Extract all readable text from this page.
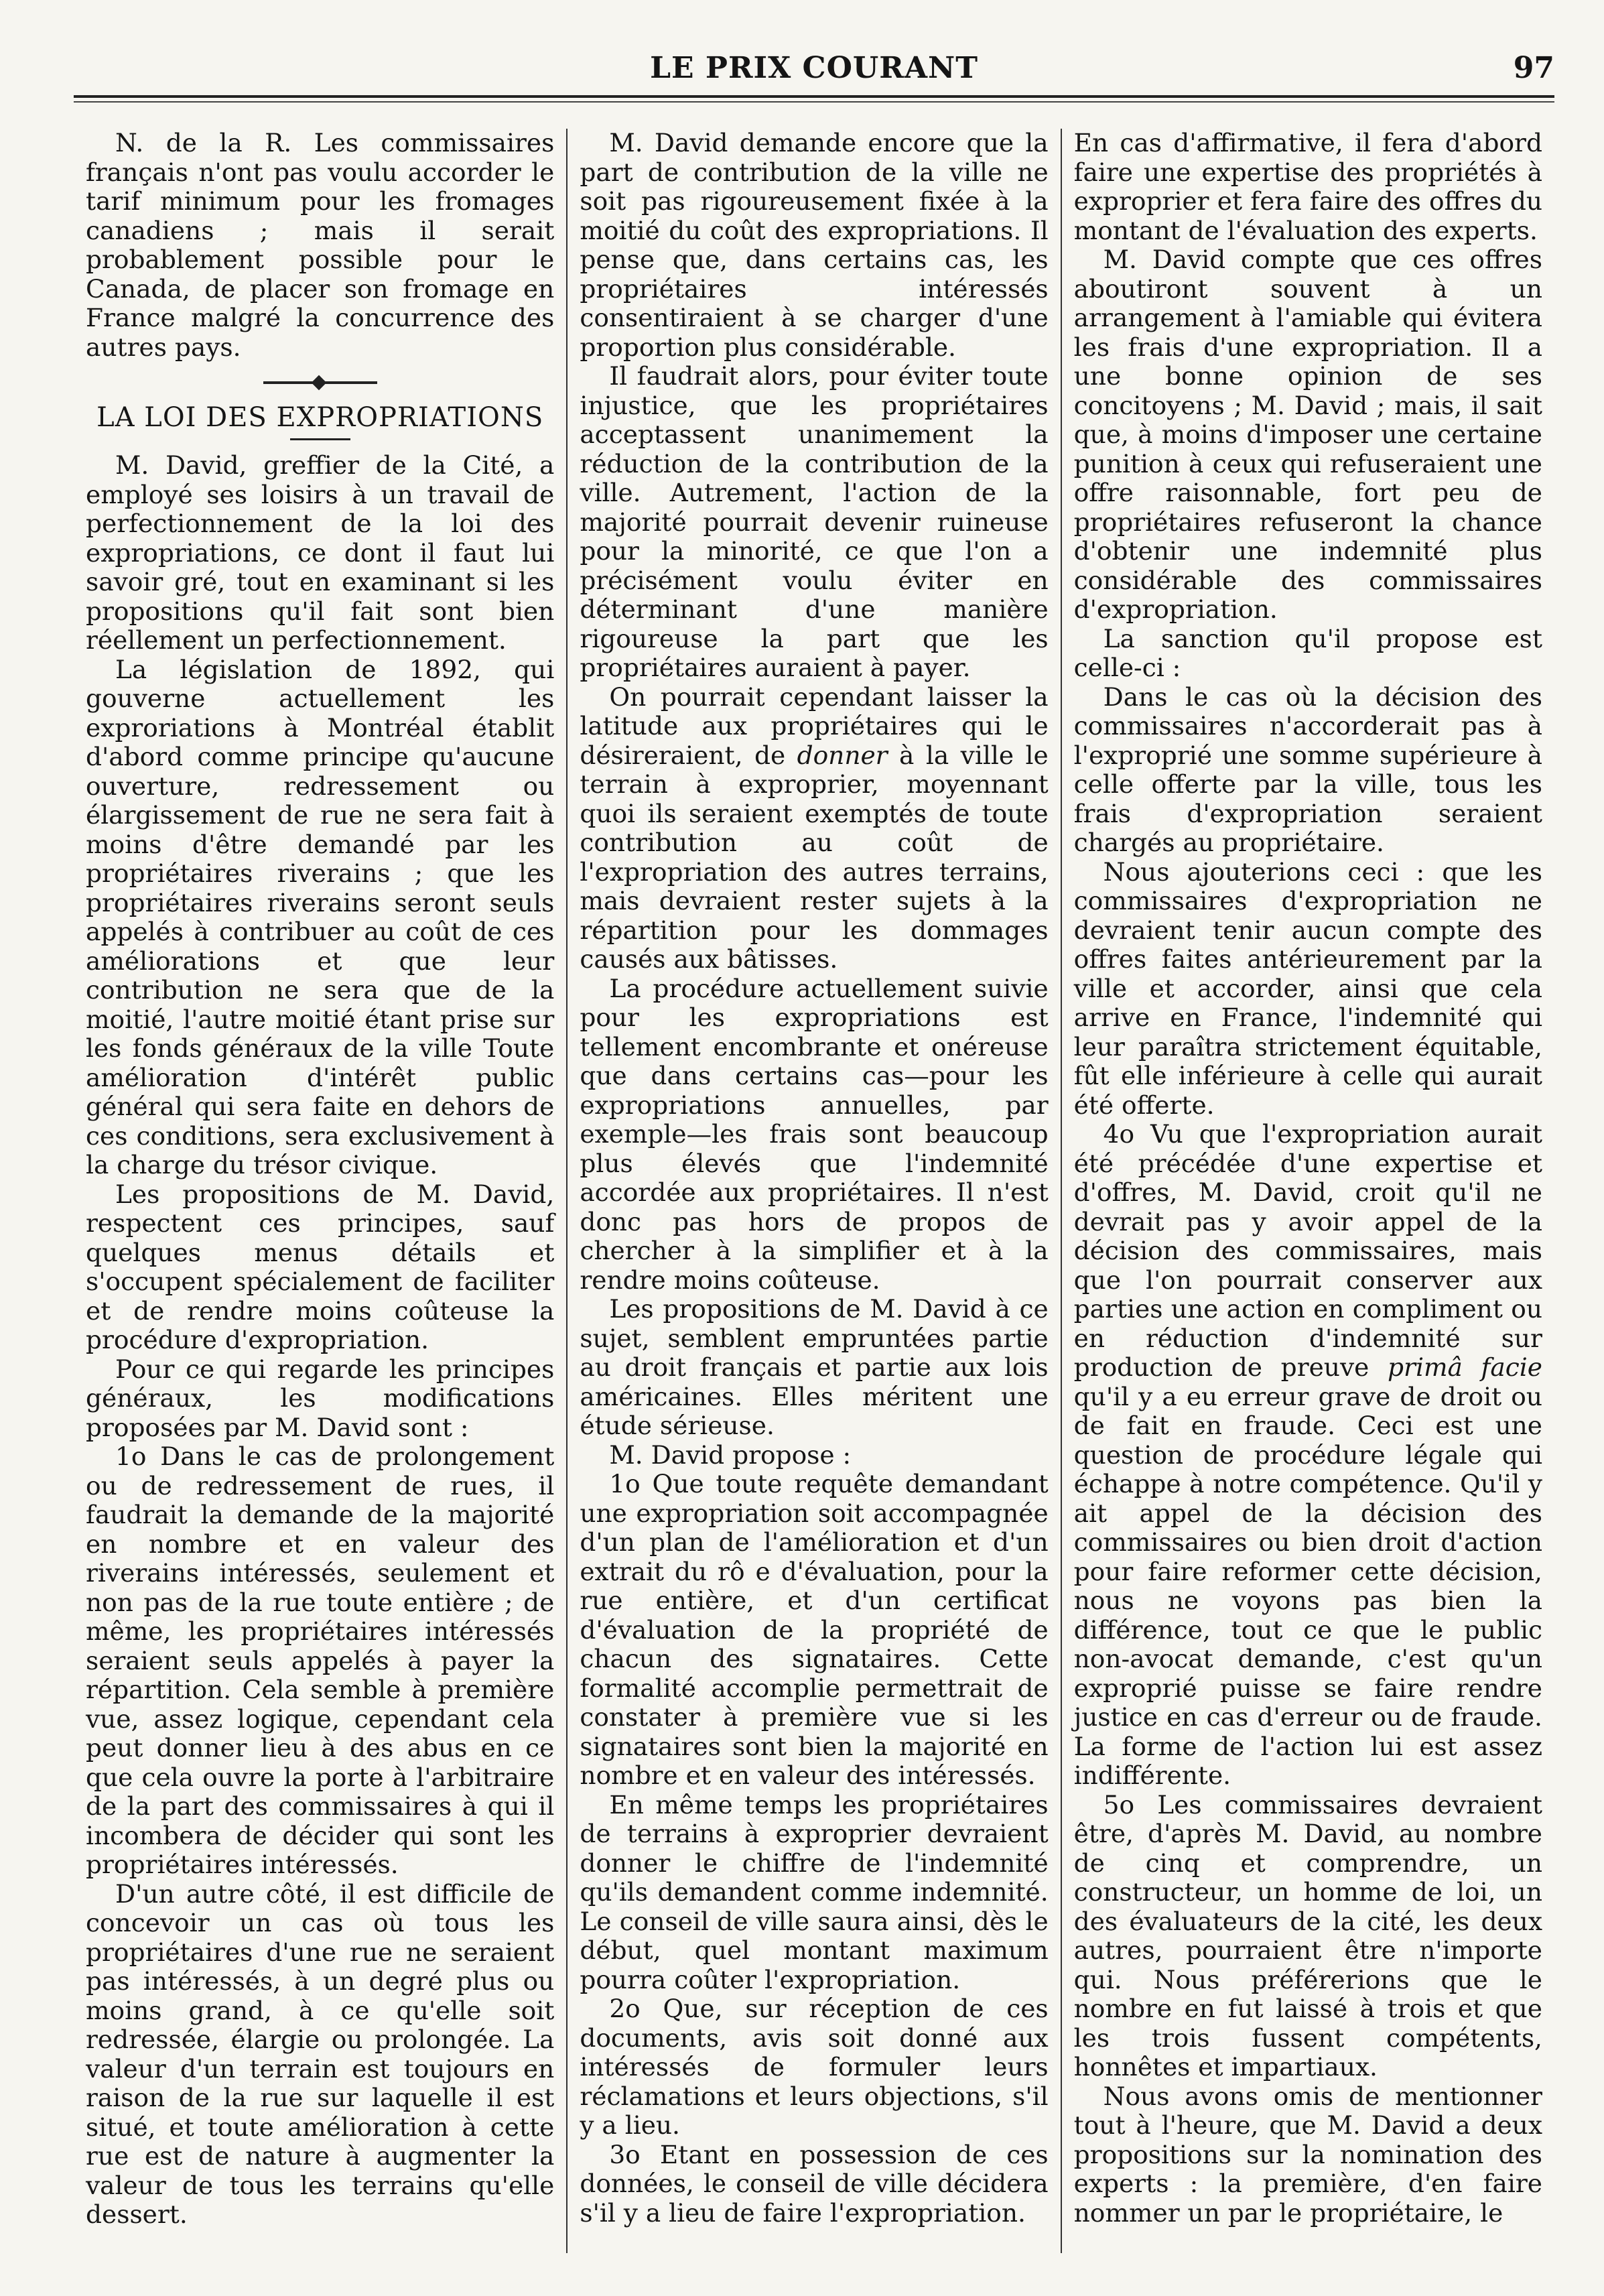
LE PRIX COURANT	97

N. de la R. Les commissaires français n'ont pas voulu accorder le tarif minimum pour les fromages canadiens ; mais il serait probablement possible pour le Canada, de placer son fromage en France malgré la concurrence des autres pays.

LA LOI DES EXPROPRIATIONS

M. David, greffier de la Cité, a employé ses loisirs à un travail de perfectionnement de la loi des expropriations, ce dont il faut lui savoir gré, tout en examinant si les propositions qu'il fait sont bien réellement un perfectionnement.

La législation de 1892, qui gouverne actuellement les exproriations à Montréal établit d'abord comme principe qu'aucune ouverture, redressement ou élargissement de rue ne sera fait à moins d'être demandé par les propriétaires riverains ; que les propriétaires riverains seront seuls appelés à contribuer au coût de ces améliorations et que leur contribution ne sera que de la moitié, l'autre moitié étant prise sur les fonds généraux de la ville Toute amélioration d'intérêt public général qui sera faite en dehors de ces conditions, sera exclusivement à la charge du trésor civique.

Les propositions de M. David, respectent ces principes, sauf quelques menus détails et s'occupent spécialement de faciliter et de rendre moins coûteuse la procédure d'expropriation.

Pour ce qui regarde les principes généraux, les modifications proposées par M. David sont :

1o Dans le cas de prolongement ou de redressement de rues, il faudrait la demande de la majorité en nombre et en valeur des riverains intéressés, seulement et non pas de la rue toute entière ; de même, les propriétaires intéressés seraient seuls appelés à payer la répartition. Cela semble à première vue, assez logique, cependant cela peut donner lieu à des abus en ce que cela ouvre la porte à l'arbitraire de la part des commissaires à qui il incombera de décider qui sont les propriétaires intéressés.

D'un autre côté, il est difficile de concevoir un cas où tous les propriétaires d'une rue ne seraient pas intéressés, à un degré plus ou moins grand, à ce qu'elle soit redressée, élargie ou prolongée. La valeur d'un terrain est toujours en raison de la rue sur laquelle il est situé, et toute amélioration à cette rue est de nature à augmenter la valeur de tous les terrains qu'elle dessert.

M. David demande encore que la part de contribution de la ville ne soit pas rigoureusement fixée à la moitié du coût des expropriations. Il pense que, dans certains cas, les propriétaires intéressés consentiraient à se charger d'une proportion plus considérable.

Il faudrait alors, pour éviter toute injustice, que les propriétaires acceptassent unanimement la réduction de la contribution de la ville. Autrement, l'action de la majorité pourrait devenir ruineuse pour la minorité, ce que l'on a précisément voulu éviter en déterminant d'une manière rigoureuse la part que les propriétaires auraient à payer.

On pourrait cependant laisser la latitude aux propriétaires qui le désireraient, de donner à la ville le terrain à exproprier, moyennant quoi ils seraient exemptés de toute contribution au coût de l'expropriation des autres terrains, mais devraient rester sujets à la répartition pour les dommages causés aux bâtisses.

La procédure actuellement suivie pour les expropriations est tellement encombrante et onéreuse que dans certains cas—pour les expropriations annuelles, par exemple—les frais sont beaucoup plus élevés que l'indemnité accordée aux propriétaires. Il n'est donc pas hors de propos de chercher à la simplifier et à la rendre moins coûteuse.

Les propositions de M. David à ce sujet, semblent empruntées partie au droit français et partie aux lois américaines. Elles méritent une étude sérieuse.

M. David propose :

1o Que toute requête demandant une expropriation soit accompagnée d'un plan de l'amélioration et d'un extrait du rô e d'évaluation, pour la rue entière, et d'un certificat d'évaluation de la propriété de chacun des signataires. Cette formalité accomplie permettrait de constater à première vue si les signataires sont bien la majorité en nombre et en valeur des intéressés.

En même temps les propriétaires de terrains à exproprier devraient donner le chiffre de l'indemnité qu'ils demandent comme indemnité. Le conseil de ville saura ainsi, dès le début, quel montant maximum pourra coûter l'expropriation.

2o Que, sur réception de ces documents, avis soit donné aux intéressés de formuler leurs réclamations et leurs objections, s'il y a lieu.

3o Etant en possession de ces données, le conseil de ville décidera s'il y a lieu de faire l'expropriation.

En cas d'affirmative, il fera d'abord faire une expertise des propriétés à exproprier et fera faire des offres du montant de l'évaluation des experts.

M. David compte que ces offres aboutiront souvent à un arrangement à l'amiable qui évitera les frais d'une expropriation. Il a une bonne opinion de ses concitoyens ; M. David ; mais, il sait que, à moins d'imposer une certaine punition à ceux qui refuseraient une offre raisonnable, fort peu de propriétaires refuseront la chance d'obtenir une indemnité plus considérable des commissaires d'expropriation.

La sanction qu'il propose est celle-ci :

Dans le cas où la décision des commissaires n'accorderait pas à l'exproprié une somme supérieure à celle offerte par la ville, tous les frais d'expropriation seraient chargés au propriétaire.

Nous ajouterions ceci : que les commissaires d'expropriation ne devraient tenir aucun compte des offres faites antérieurement par la ville et accorder, ainsi que cela arrive en France, l'indemnité qui leur paraîtra strictement équitable, fût elle inférieure à celle qui aurait été offerte.

4o Vu que l'expropriation aurait été précédée d'une expertise et d'offres, M. David, croit qu'il ne devrait pas y avoir appel de la décision des commissaires, mais que l'on pourrait conserver aux parties une action en compliment ou en réduction d'indemnité sur production de preuve primâ facie qu'il y a eu erreur grave de droit ou de fait en fraude. Ceci est une question de procédure légale qui échappe à notre compétence. Qu'il y ait appel de la décision des commissaires ou bien droit d'action pour faire reformer cette décision, nous ne voyons pas bien la différence, tout ce que le public non-avocat demande, c'est qu'un exproprié puisse se faire rendre justice en cas d'erreur ou de fraude. La forme de l'action lui est assez indifférente.

5o Les commissaires devraient être, d'après M. David, au nombre de cinq et comprendre, un constructeur, un homme de loi, un des évaluateurs de la cité, les deux autres, pourraient être n'importe qui. Nous préférerions que le nombre en fut laissé à trois et que les trois fussent compétents, honnêtes et impartiaux.

Nous avons omis de mentionner tout à l'heure, que M. David a deux propositions sur la nomination des experts : la première, d'en faire nommer un par le propriétaire, le
